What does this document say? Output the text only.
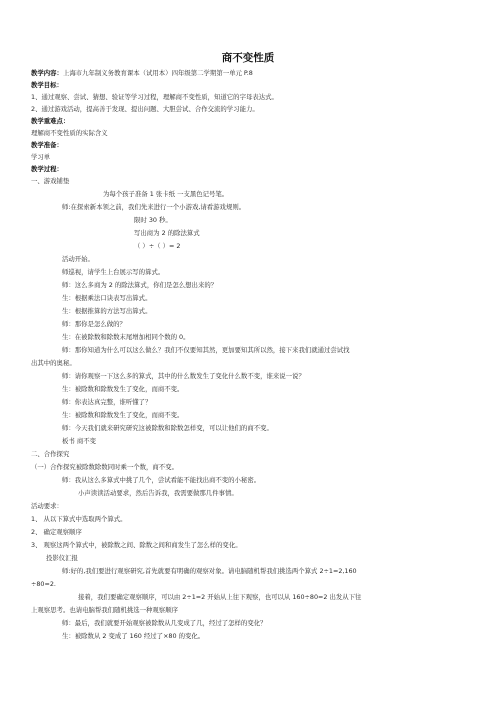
商不变性质
教学内容：上海市九年制义务教育课本（试用本）四年级第二学期第一单元 P.8
教学目标：
1、通过观察、尝试、猜想、验证等学习过程，理解商不变性质，知道它的字母表达式。
2、通过游戏活动，提高善于发现、提出问题、大胆尝试、合作交流的学习能力。
教学重难点：
理解商不变性质的实际含义
教学准备：
学习单
教学过程：
一、游戏铺垫
为每个孩子准备 1 张卡纸 一支黑色记号笔。
师:在探索新本领之前，我们先来进行一个小游戏,请看游戏规则。
限时 30 秒。
写出商为 2 的除法算式
（ ）÷（ ）= 2
活动开始。
师巡视，请学生上台展示写的算式。
师：这么多商为 2 的除法算式，你们是怎么想出来的？
生：根据乘法口诀表写出算式。
生：根据推算的方法写出算式。
师：那你是怎么做的？
生：在被除数和除数末尾增加相同个数的 0。
师：那你知道为什么可以这么做么？我们不仅要知其然，更加要知其所以然，接下来我们就通过尝试找
出其中的奥秘。
师：请你观察一下这么多的算式，其中的什么数发生了变化什么数不变，谁来说一说？
生：被除数和除数发生了变化，而商不变。
师：你表达真完整，谁听懂了？
生：被除数和除数发生了变化，而商不变。
师：今天我们就来研究研究这被除数和除数怎样变，可以让他们的商不变。
板书 商不变
二、合作探究
（一）合作探究被除数除数同时乘一个数，商不变。
师：我从这么多算式中挑了几个，尝试看能不能找出商不变的小秘密。
小声读读活动要求，然后告诉我，我需要做那几件事情。
活动要求：
1、 从以下算式中选取两个算式。
2、 确定观察顺序
3、 观察这两个算式中，被除数之间、除数之间和商发生了怎么样的变化。
投影仪汇报
师:好的,我们要进行观察研究,首先就要有明确的观察对象。请电脑随机帮我们挑选两个算式 2÷1=2,160
÷80=2.
接着，我们要确定观察顺序，可以由 2÷1=2 开始从上往下观察，也可以从 160÷80=2 出发从下往
上观察思考。也请电脑帮我们随机挑选一种观察顺序
师：最后，我们就要开始观察被除数从几变成了几，经过了怎样的变化？
生：被除数从 2 变成了 160 经过了×80 的变化。
